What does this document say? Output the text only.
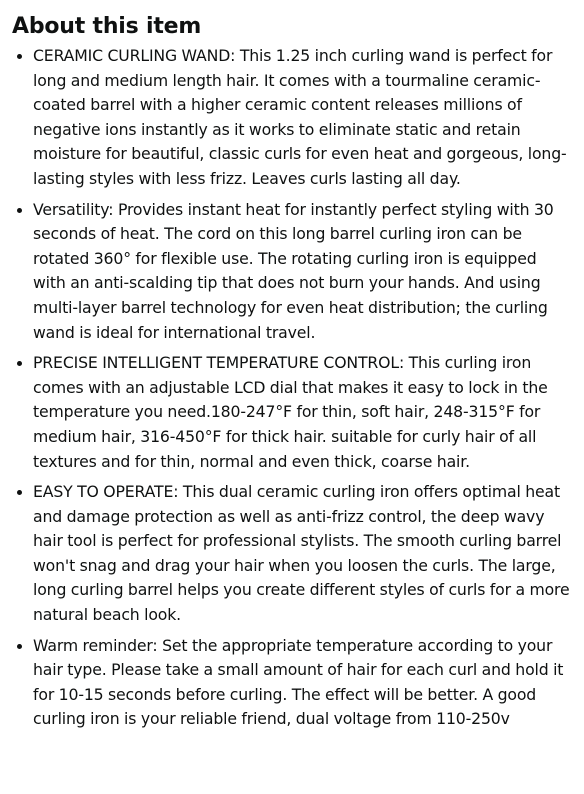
About this item
CERAMIC CURLING WAND: This 1.25 inch curling wand is perfect for long and medium length hair. It comes with a tourmaline ceramic-coated barrel with a higher ceramic content releases millions of negative ions instantly as it works to eliminate static and retain moisture for beautiful, classic curls for even heat and gorgeous, long-lasting styles with less frizz. Leaves curls lasting all day.
Versatility: Provides instant heat for instantly perfect styling with 30 seconds of heat. The cord on this long barrel curling iron can be rotated 360° for flexible use. The rotating curling iron is equipped with an anti-scalding tip that does not burn your hands. And using multi-layer barrel technology for even heat distribution; the curling wand is ideal for international travel.
PRECISE INTELLIGENT TEMPERATURE CONTROL: This curling iron comes with an adjustable LCD dial that makes it easy to lock in the temperature you need.180-247°F for thin, soft hair, 248-315°F for medium hair, 316-450°F for thick hair. suitable for curly hair of all textures and for thin, normal and even thick, coarse hair.
EASY TO OPERATE: This dual ceramic curling iron offers optimal heat and damage protection as well as anti-frizz control, the deep wavy hair tool is perfect for professional stylists. The smooth curling barrel won't snag and drag your hair when you loosen the curls. The large, long curling barrel helps you create different styles of curls for a more natural beach look.
Warm reminder: Set the appropriate temperature according to your hair type. Please take a small amount of hair for each curl and hold it for 10-15 seconds before curling. The effect will be better. A good curling iron is your reliable friend, dual voltage from 110-250v
